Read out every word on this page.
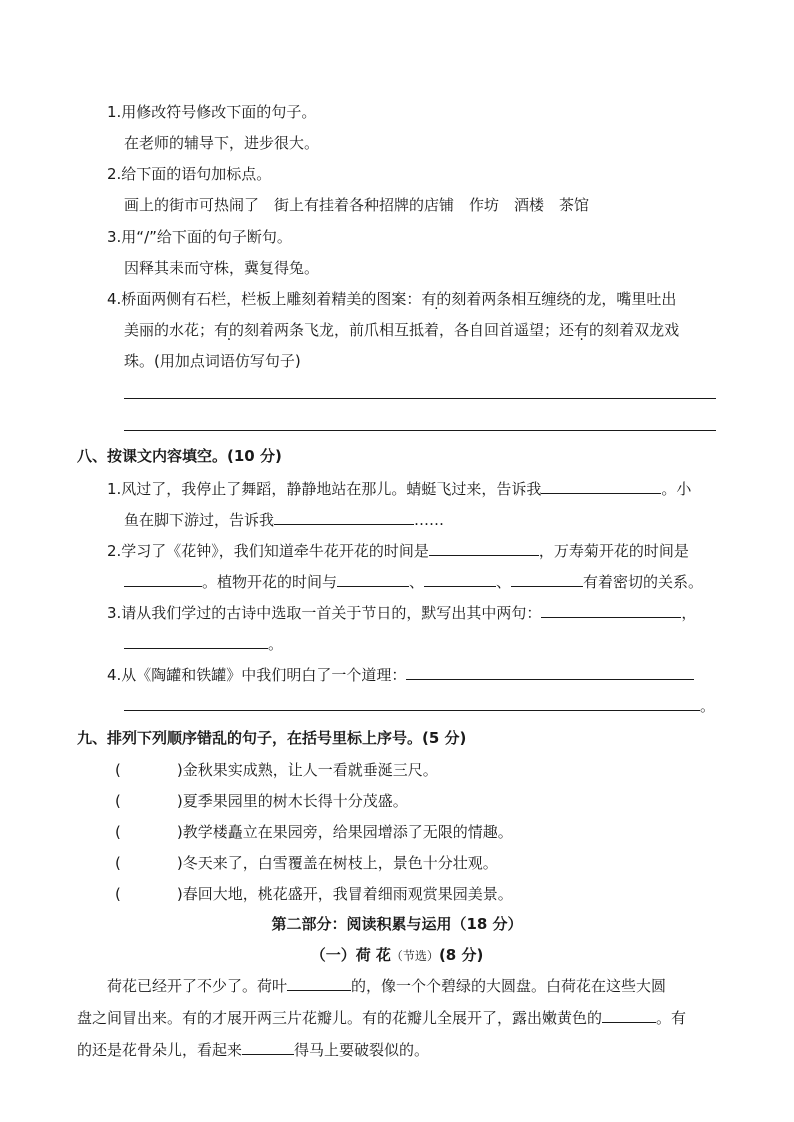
1.用修改符号修改下面的句子。
在老师的辅导下，进步很大。
2.给下面的语句加标点。
画上的街市可热闹了　街上有挂着各种招牌的店铺　作坊　酒楼　茶馆
3.用“/”给下面的句子断句。
因释其耒而守株，冀复得兔。
4.桥面两侧有石栏，栏板上雕刻着精美的图案：有的刻着两条相互缠绕的龙，嘴里吐出
美丽的水花；有的刻着两条飞龙，前爪相互抵着，各自回首遥望；还有的刻着双龙戏
珠。(用加点词语仿写句子)
八、按课文内容填空。(10 分)
1.风过了，我停止了舞蹈，静静地站在那儿。蜻蜓飞过来，告诉我	。小
鱼在脚下游过，告诉我	……
2.学习了《花钟》，我们知道牵牛花开花的时间是	，万寿菊开花的时间是
。植物开花的时间与	、	、	有着密切的关系。
3.请从我们学过的古诗中选取一首关于节日的，默写出其中两句：	，
。
4.从《陶罐和铁罐》中我们明白了一个道理：
。
九、排列下列顺序错乱的句子，在括号里标上序号。(5 分)
(	)金秋果实成熟，让人一看就垂涎三尺。
(	)夏季果园里的树木长得十分茂盛。
(	)教学楼矗立在果园旁，给果园增添了无限的情趣。
(	)冬天来了，白雪覆盖在树枝上，景色十分壮观。
(	)春回大地，桃花盛开，我冒着细雨观赏果园美景。
第二部分：阅读积累与运用（18 分）
（一）荷 花（节选）(8 分)
荷花已经开了不少了。荷叶	的，像一个个碧绿的大圆盘。白荷花在这些大圆
盘之间冒出来。有的才展开两三片花瓣儿。有的花瓣儿全展开了，露出嫩黄色的	。有
的还是花骨朵儿，看起来	得马上要破裂似的。
